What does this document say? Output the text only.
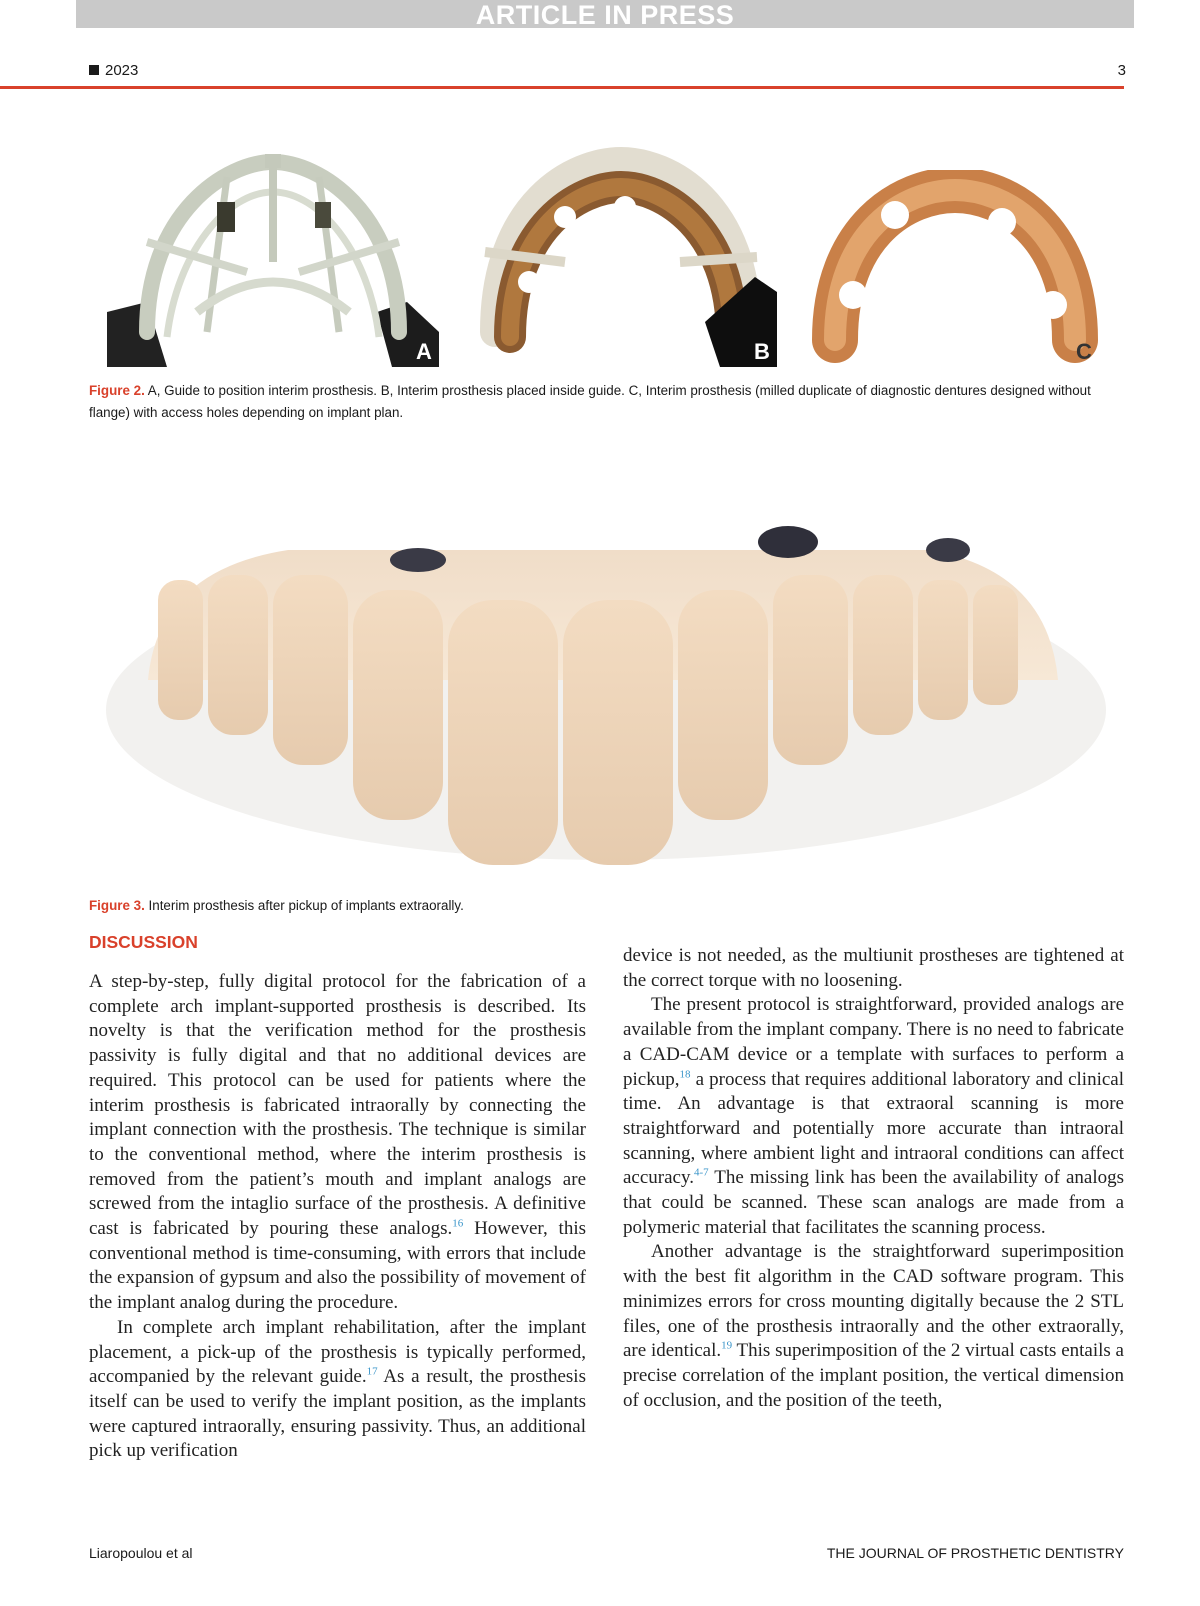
ARTICLE IN PRESS
2023	3
A	B	C
Figure 2. A, Guide to position interim prosthesis. B, Interim prosthesis placed inside guide. C, Interim prosthesis (milled duplicate of diagnostic dentures designed without flange) with access holes depending on implant plan.
Figure 3. Interim prosthesis after pickup of implants extraorally.
DISCUSSION

A step-by-step, fully digital protocol for the fabrication of a complete arch implant-supported prosthesis is described. Its novelty is that the verification method for the prosthesis passivity is fully digital and that no additional devices are required. This protocol can be used for patients where the interim prosthesis is fabricated intraorally by connecting the implant connection with the prosthesis. The technique is similar to the conventional method, where the interim prosthesis is removed from the patient’s mouth and implant analogs are screwed from the intaglio surface of the prosthesis. A definitive cast is fabricated by pouring these analogs.$^{16}$ However, this conventional method is time-consuming, with errors that include the expansion of gypsum and also the possibility of movement of the implant analog during the procedure.

In complete arch implant rehabilitation, after the implant placement, a pick-up of the prosthesis is typically performed, accompanied by the relevant guide.$^{17}$ As a result, the prosthesis itself can be used to verify the implant position, as the implants were captured intraorally, ensuring passivity. Thus, an additional pick up verification

device is not needed, as the multiunit prostheses are tightened at the correct torque with no loosening.

The present protocol is straightforward, provided analogs are available from the implant company. There is no need to fabricate a CAD-CAM device or a template with surfaces to perform a pickup,$^{18}$ a process that requires additional laboratory and clinical time. An advantage is that extraoral scanning is more straightforward and potentially more accurate than intraoral scanning, where ambient light and intraoral conditions can affect accuracy.$^{4-7}$ The missing link has been the availability of analogs that could be scanned. These scan analogs are made from a polymeric material that facilitates the scanning process.

Another advantage is the straightforward superimposition with the best fit algorithm in the CAD software program. This minimizes errors for cross mounting digitally because the 2 STL files, one of the prosthesis intraorally and the other extraorally, are identical.$^{19}$ This superimposition of the 2 virtual casts entails a precise correlation of the implant position, the vertical dimension of occlusion, and the position of the teeth,

Liaropoulou et al	THE JOURNAL OF PROSTHETIC DENTISTRY
